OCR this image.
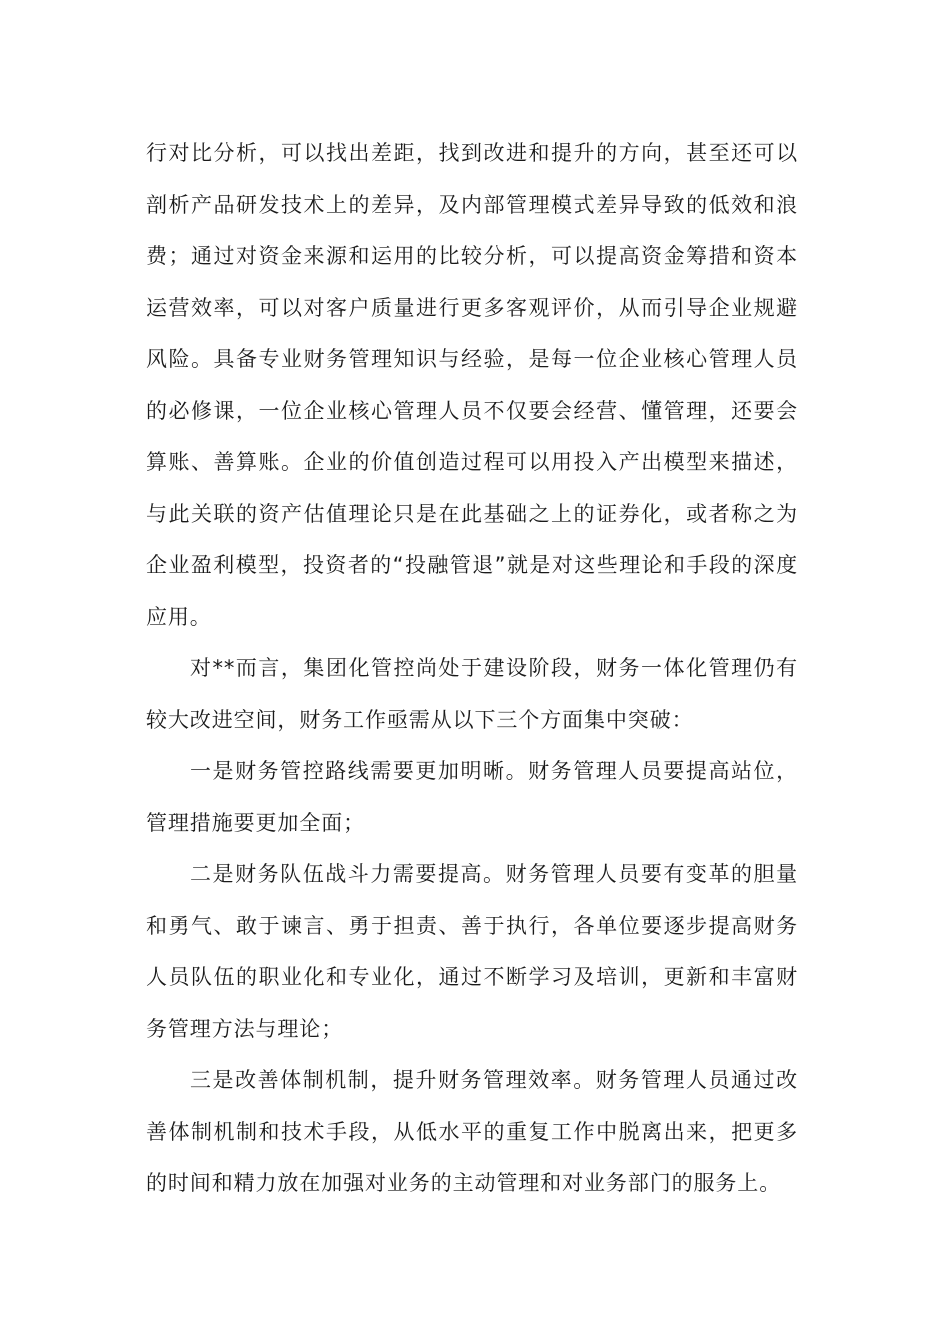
行对比分析，可以找出差距，找到改进和提升的方向，甚至还可以剖析产品研发技术上的差异，及内部管理模式差异导致的低效和浪费；通过对资金来源和运用的比较分析，可以提高资金筹措和资本运营效率，可以对客户质量进行更多客观评价，从而引导企业规避风险。具备专业财务管理知识与经验，是每一位企业核心管理人员的必修课，一位企业核心管理人员不仅要会经营、懂管理，还要会算账、善算账。企业的价值创造过程可以用投入产出模型来描述，与此关联的资产估值理论只是在此基础之上的证券化，或者称之为企业盈利模型，投资者的“投融管退”就是对这些理论和手段的深度应用。

对**而言，集团化管控尚处于建设阶段，财务一体化管理仍有较大改进空间，财务工作亟需从以下三个方面集中突破：

一是财务管控路线需要更加明晰。财务管理人员要提高站位，管理措施要更加全面；

二是财务队伍战斗力需要提高。财务管理人员要有变革的胆量和勇气、敢于谏言、勇于担责、善于执行，各单位要逐步提高财务人员队伍的职业化和专业化，通过不断学习及培训，更新和丰富财务管理方法与理论；

三是改善体制机制，提升财务管理效率。财务管理人员通过改善体制机制和技术手段，从低水平的重复工作中脱离出来，把更多的时间和精力放在加强对业务的主动管理和对业务部门的服务上。
